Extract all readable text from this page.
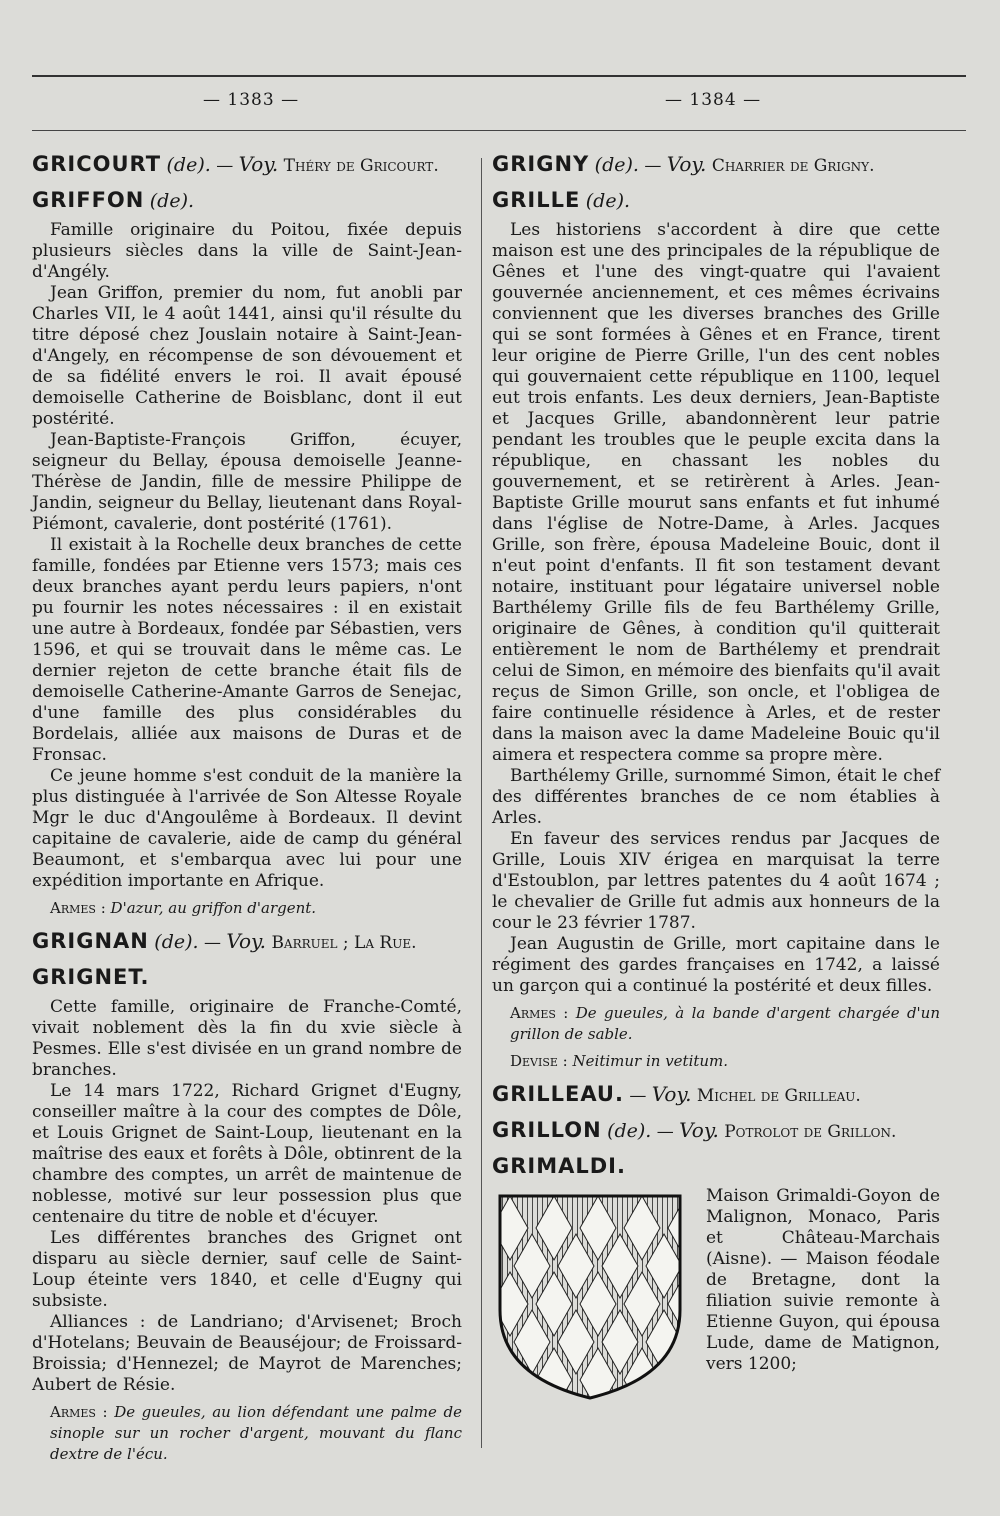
— 1383 —	— 1384 —
GRICOURT (de). — Voy. Théry de Gricourt.
GRIFFON (de).

Famille originaire du Poitou, fixée depuis plusieurs siècles dans la ville de Saint-Jean-d'Angély.

Jean Griffon, premier du nom, fut anobli par Charles VII, le 4 août 1441, ainsi qu'il résulte du titre déposé chez Jouslain notaire à Saint-Jean-d'Angely, en récompense de son dévouement et de sa fidélité envers le roi. Il avait épousé demoiselle Catherine de Boisblanc, dont il eut postérité.

Jean-Baptiste-François Griffon, écuyer, seigneur du Bellay, épousa demoiselle Jeanne-Thérèse de Jandin, fille de messire Philippe de Jandin, seigneur du Bellay, lieutenant dans Royal-Piémont, cavalerie, dont postérité (1761).

Il existait à la Rochelle deux branches de cette famille, fondées par Etienne vers 1573; mais ces deux branches ayant perdu leurs papiers, n'ont pu fournir les notes nécessaires : il en existait une autre à Bordeaux, fondée par Sébastien, vers 1596, et qui se trouvait dans le même cas. Le dernier rejeton de cette branche était fils de demoiselle Catherine-Amante Garros de Senejac, d'une famille des plus considérables du Bordelais, alliée aux maisons de Duras et de Fronsac.

Ce jeune homme s'est conduit de la manière la plus distinguée à l'arrivée de Son Altesse Royale Mgr le duc d'Angoulême à Bordeaux. Il devint capitaine de cavalerie, aide de camp du général Beaumont, et s'embarqua avec lui pour une expédition importante en Afrique.

Armes : D'azur, au griffon d'argent.
GRIGNAN (de). — Voy. Barruel ; La Rue.
GRIGNET.

Cette famille, originaire de Franche-Comté, vivait noblement dès la fin du xvie siècle à Pesmes. Elle s'est divisée en un grand nombre de branches.

Le 14 mars 1722, Richard Grignet d'Eugny, conseiller maître à la cour des comptes de Dôle, et Louis Grignet de Saint-Loup, lieutenant en la maîtrise des eaux et forêts à Dôle, obtinrent de la chambre des comptes, un arrêt de maintenue de noblesse, motivé sur leur possession plus que centenaire du titre de noble et d'écuyer.

Les différentes branches des Grignet ont disparu au siècle dernier, sauf celle de Saint-Loup éteinte vers 1840, et celle d'Eugny qui subsiste.

Alliances : de Landriano; d'Arvisenet; Broch d'Hotelans; Beuvain de Beauséjour; de Froissard-Broissia; d'Hennezel; de Mayrot de Marenches; Aubert de Résie.

Armes : De gueules, au lion défendant une palme de sinople sur un rocher d'argent, mouvant du flanc dextre de l'écu.
GRIGNY (de). — Voy. Charrier de Grigny.
GRILLE (de).

Les historiens s'accordent à dire que cette maison est une des principales de la république de Gênes et l'une des vingt-quatre qui l'avaient gouvernée anciennement, et ces mêmes écrivains conviennent que les diverses branches des Grille qui se sont formées à Gênes et en France, tirent leur origine de Pierre Grille, l'un des cent nobles qui gouvernaient cette république en 1100, lequel eut trois enfants. Les deux derniers, Jean-Baptiste et Jacques Grille, abandonnèrent leur patrie pendant les troubles que le peuple excita dans la république, en chassant les nobles du gouvernement, et se retirèrent à Arles. Jean-Baptiste Grille mourut sans enfants et fut inhumé dans l'église de Notre-Dame, à Arles. Jacques Grille, son frère, épousa Madeleine Bouic, dont il n'eut point d'enfants. Il fit son testament devant notaire, instituant pour légataire universel noble Barthélemy Grille fils de feu Barthélemy Grille, originaire de Gênes, à condition qu'il quitterait entièrement le nom de Barthélemy et prendrait celui de Simon, en mémoire des bienfaits qu'il avait reçus de Simon Grille, son oncle, et l'obligea de faire continuelle résidence à Arles, et de rester dans la maison avec la dame Madeleine Bouic qu'il aimera et respectera comme sa propre mère.

Barthélemy Grille, surnommé Simon, était le chef des différentes branches de ce nom établies à Arles.

En faveur des services rendus par Jacques de Grille, Louis XIV érigea en marquisat la terre d'Estoublon, par lettres patentes du 4 août 1674 ; le chevalier de Grille fut admis aux honneurs de la cour le 23 février 1787.

Jean Augustin de Grille, mort capitaine dans le régiment des gardes françaises en 1742, a laissé un garçon qui a continué la postérité et deux filles.

Armes : De gueules, à la bande d'argent chargée d'un grillon de sable.
Devise : Neitimur in vetitum.
GRILLEAU. — Voy. Michel de Grilleau.
GRILLON (de). — Voy. Potrolot de Grillon.
GRIMALDI.
Maison Grimaldi-Goyon de Malignon, Monaco, Paris et Château-Marchais (Aisne). — Maison féodale de Bretagne, dont la filiation suivie remonte à Etienne Guyon, qui épousa Lude, dame de Matignon, vers 1200;
